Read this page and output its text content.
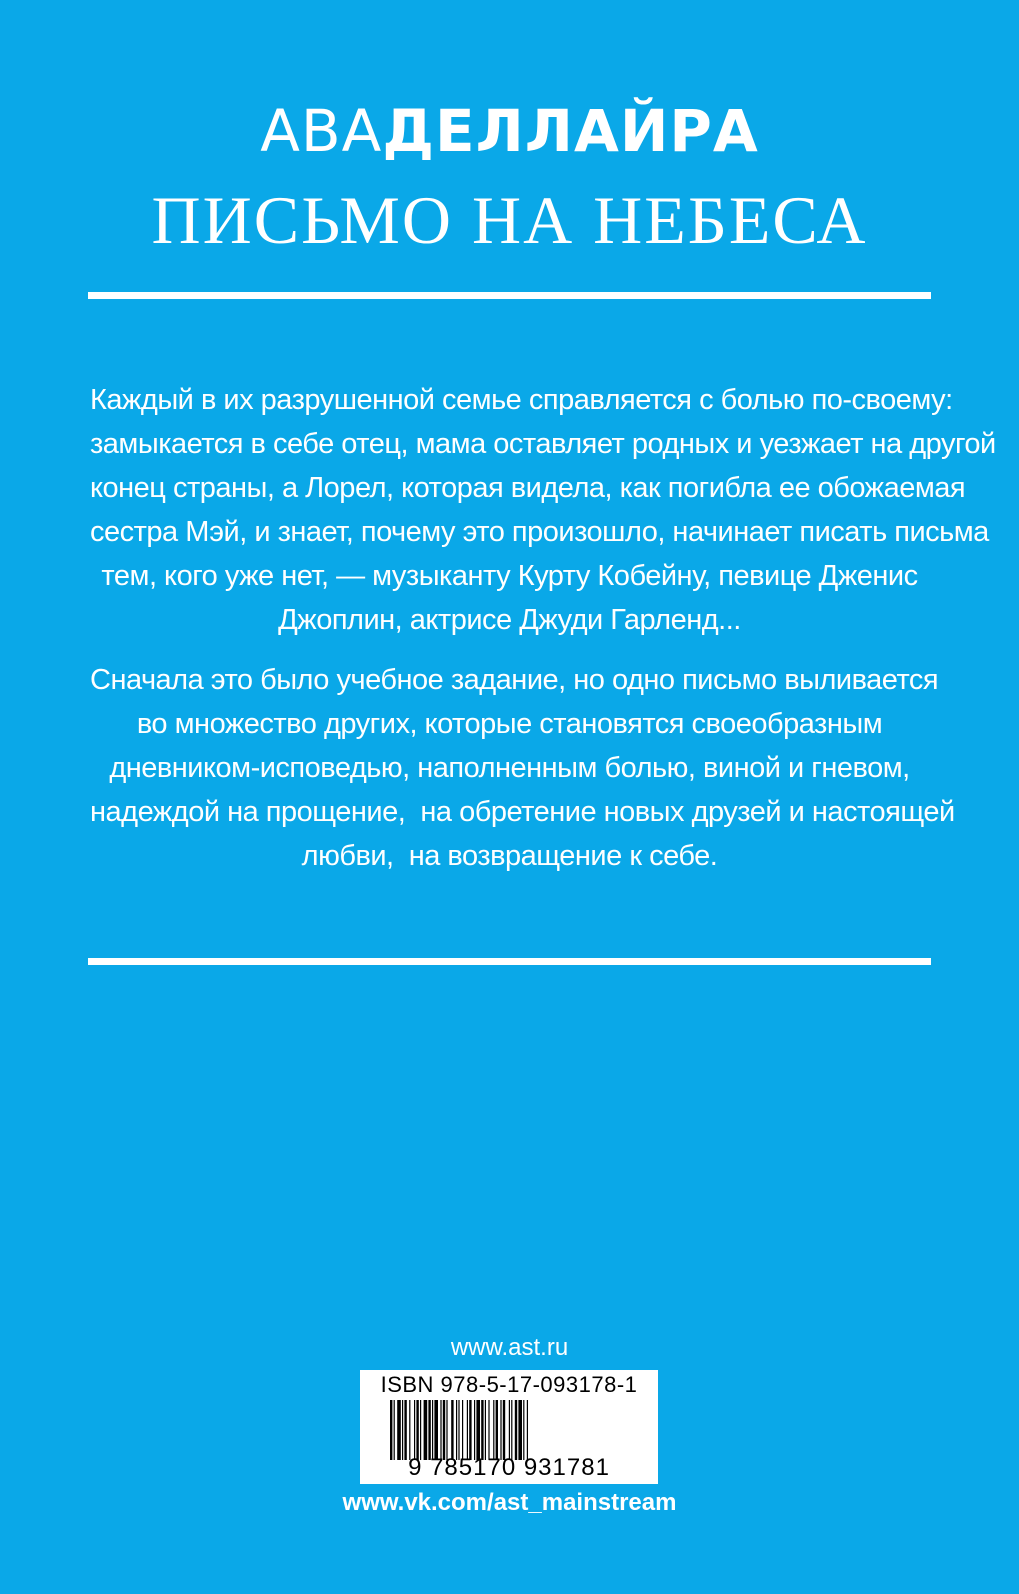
АВАДЕЛЛАЙРА
ПИСЬМО НА НЕБЕСА

Каждый в их разрушенной семье справляется с болью по-своему:
замыкается в себе отец, мама оставляет родных и уезжает на другой
конец страны, а Лорел, которая видела, как погибла ее обожаемая
сестра Мэй, и знает, почему это произошло, начинает писать письма
тем, кого уже нет, — музыканту Курту Кобейну, певице Дженис
Джоплин, актрисе Джуди Гарленд...

Сначала это было учебное задание, но одно письмо выливается
во множество других, которые становятся своеобразным
дневником-исповедью, наполненным болью, виной и гневом,
надеждой на прощение,  на обретение новых друзей и настоящей
любви,  на возвращение к себе.

www.ast.ru
ISBN 978-5-17-093178-1
9 785170 931781
www.vk.com/ast_mainstream
